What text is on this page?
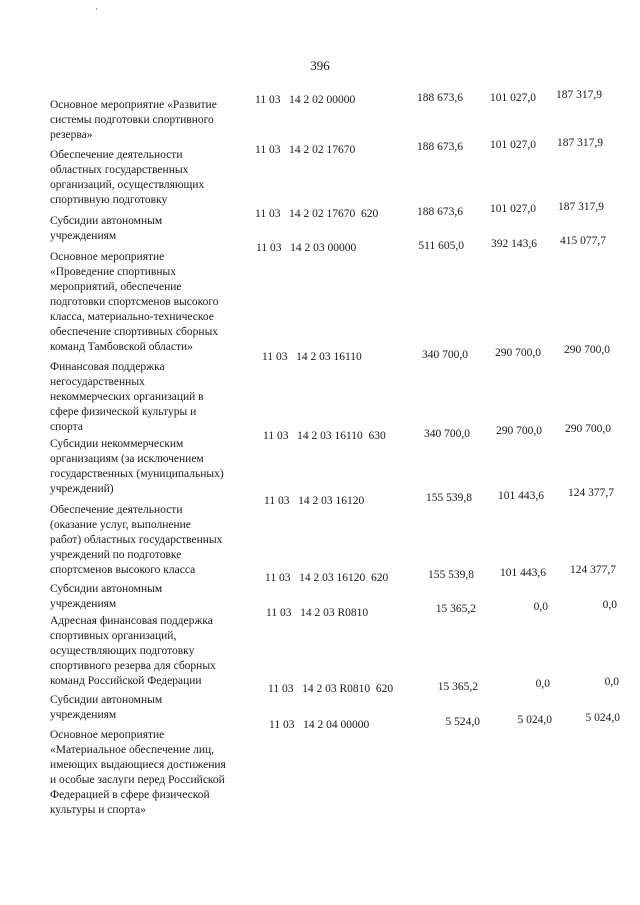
396
Основное мероприятие «Развитие
системы подготовки спортивного
резерва»
11 03   14 2 02 00000	188 673,6	101 027,0	187 317,9
Обеспечение деятельности
областных государственных
организаций, осуществляющих
спортивную подготовку
11 03   14 2 02 17670	188 673,6	101 027,0	187 317,9
Субсидии автономным
учреждениям
11 03   14 2 02 17670  620	188 673,6	101 027,0	187 317,9
Основное мероприятие
«Проведение спортивных
мероприятий, обеспечение
подготовки спортсменов высокого
класса, материально-техническое
обеспечение спортивных сборных
команд Тамбовской области»
11 03   14 2 03 00000	511 605,0	392 143,6	415 077,7
Финансовая поддержка
негосударственных
некоммерческих организаций в
сфере физической культуры и
спорта
11 03   14 2 03 16110	340 700,0	290 700,0	290 700,0
Субсидии некоммерческим
организациям (за исключением
государственных (муниципальных)
учреждений)
11 03   14 2 03 16110  630	340 700,0	290 700,0	290 700,0
Обеспечение деятельности
(оказание услуг, выполнение
работ) областных государственных
учреждений по подготовке
спортсменов высокого класса
11 03   14 2 03 16120	155 539,8	101 443,6	124 377,7
Субсидии автономным
учреждениям
11 03   14 2 03 16120  620	155 539,8	101 443,6	124 377,7
Адресная финансовая поддержка
спортивных организаций,
осуществляющих подготовку
спортивного резерва для сборных
команд Российской Федерации
11 03   14 2 03 R0810	15 365,2	0,0	0,0
Субсидии автономным
учреждениям
11 03   14 2 03 R0810  620	15 365,2	0,0	0,0
Основное мероприятие
«Материальное обеспечение лиц,
имеющих выдающиеся достижения
и особые заслуги перед Российской
Федерацией в сфере физической
культуры и спорта»
11 03   14 2 04 00000	5 524,0	5 024,0	5 024,0
